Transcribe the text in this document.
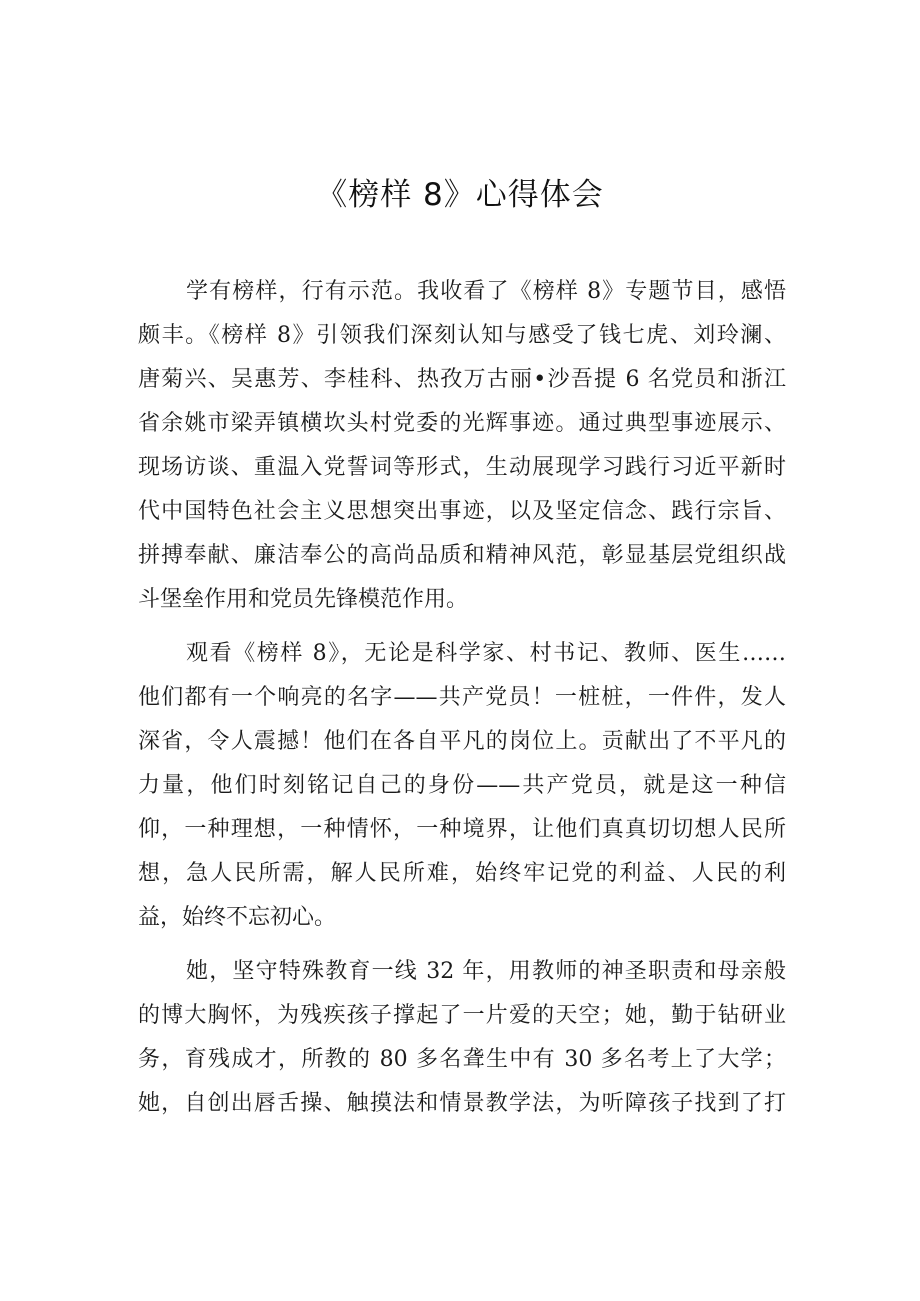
《榜样 8》心得体会
学有榜样，行有示范。我收看了《榜样 8》专题节目，感悟
颇丰。《榜样 8》引领我们深刻认知与感受了钱七虎、刘玲澜、
唐菊兴、吴惠芳、李桂科、热孜万古丽•沙吾提 6 名党员和浙江
省余姚市梁弄镇横坎头村党委的光辉事迹。通过典型事迹展示、
现场访谈、重温入党誓词等形式，生动展现学习践行习近平新时
代中国特色社会主义思想突出事迹，以及坚定信念、践行宗旨、
拼搏奉献、廉洁奉公的高尚品质和精神风范，彰显基层党组织战
斗堡垒作用和党员先锋模范作用。
观看《榜样 8》，无论是科学家、村书记、教师、医生……
他们都有一个响亮的名字——共产党员！一桩桩，一件件，发人
深省，令人震撼！他们在各自平凡的岗位上。贡献出了不平凡的
力量，他们时刻铭记自己的身份——共产党员，就是这一种信
仰，一种理想，一种情怀，一种境界，让他们真真切切想人民所
想，急人民所需，解人民所难，始终牢记党的利益、人民的利
益，始终不忘初心。
她，坚守特殊教育一线 32 年，用教师的神圣职责和母亲般
的博大胸怀，为残疾孩子撑起了一片爱的天空；她，勤于钻研业
务，育残成才，所教的 80 多名聋生中有 30 多名考上了大学；
她，自创出唇舌操、触摸法和情景教学法，为听障孩子找到了打
